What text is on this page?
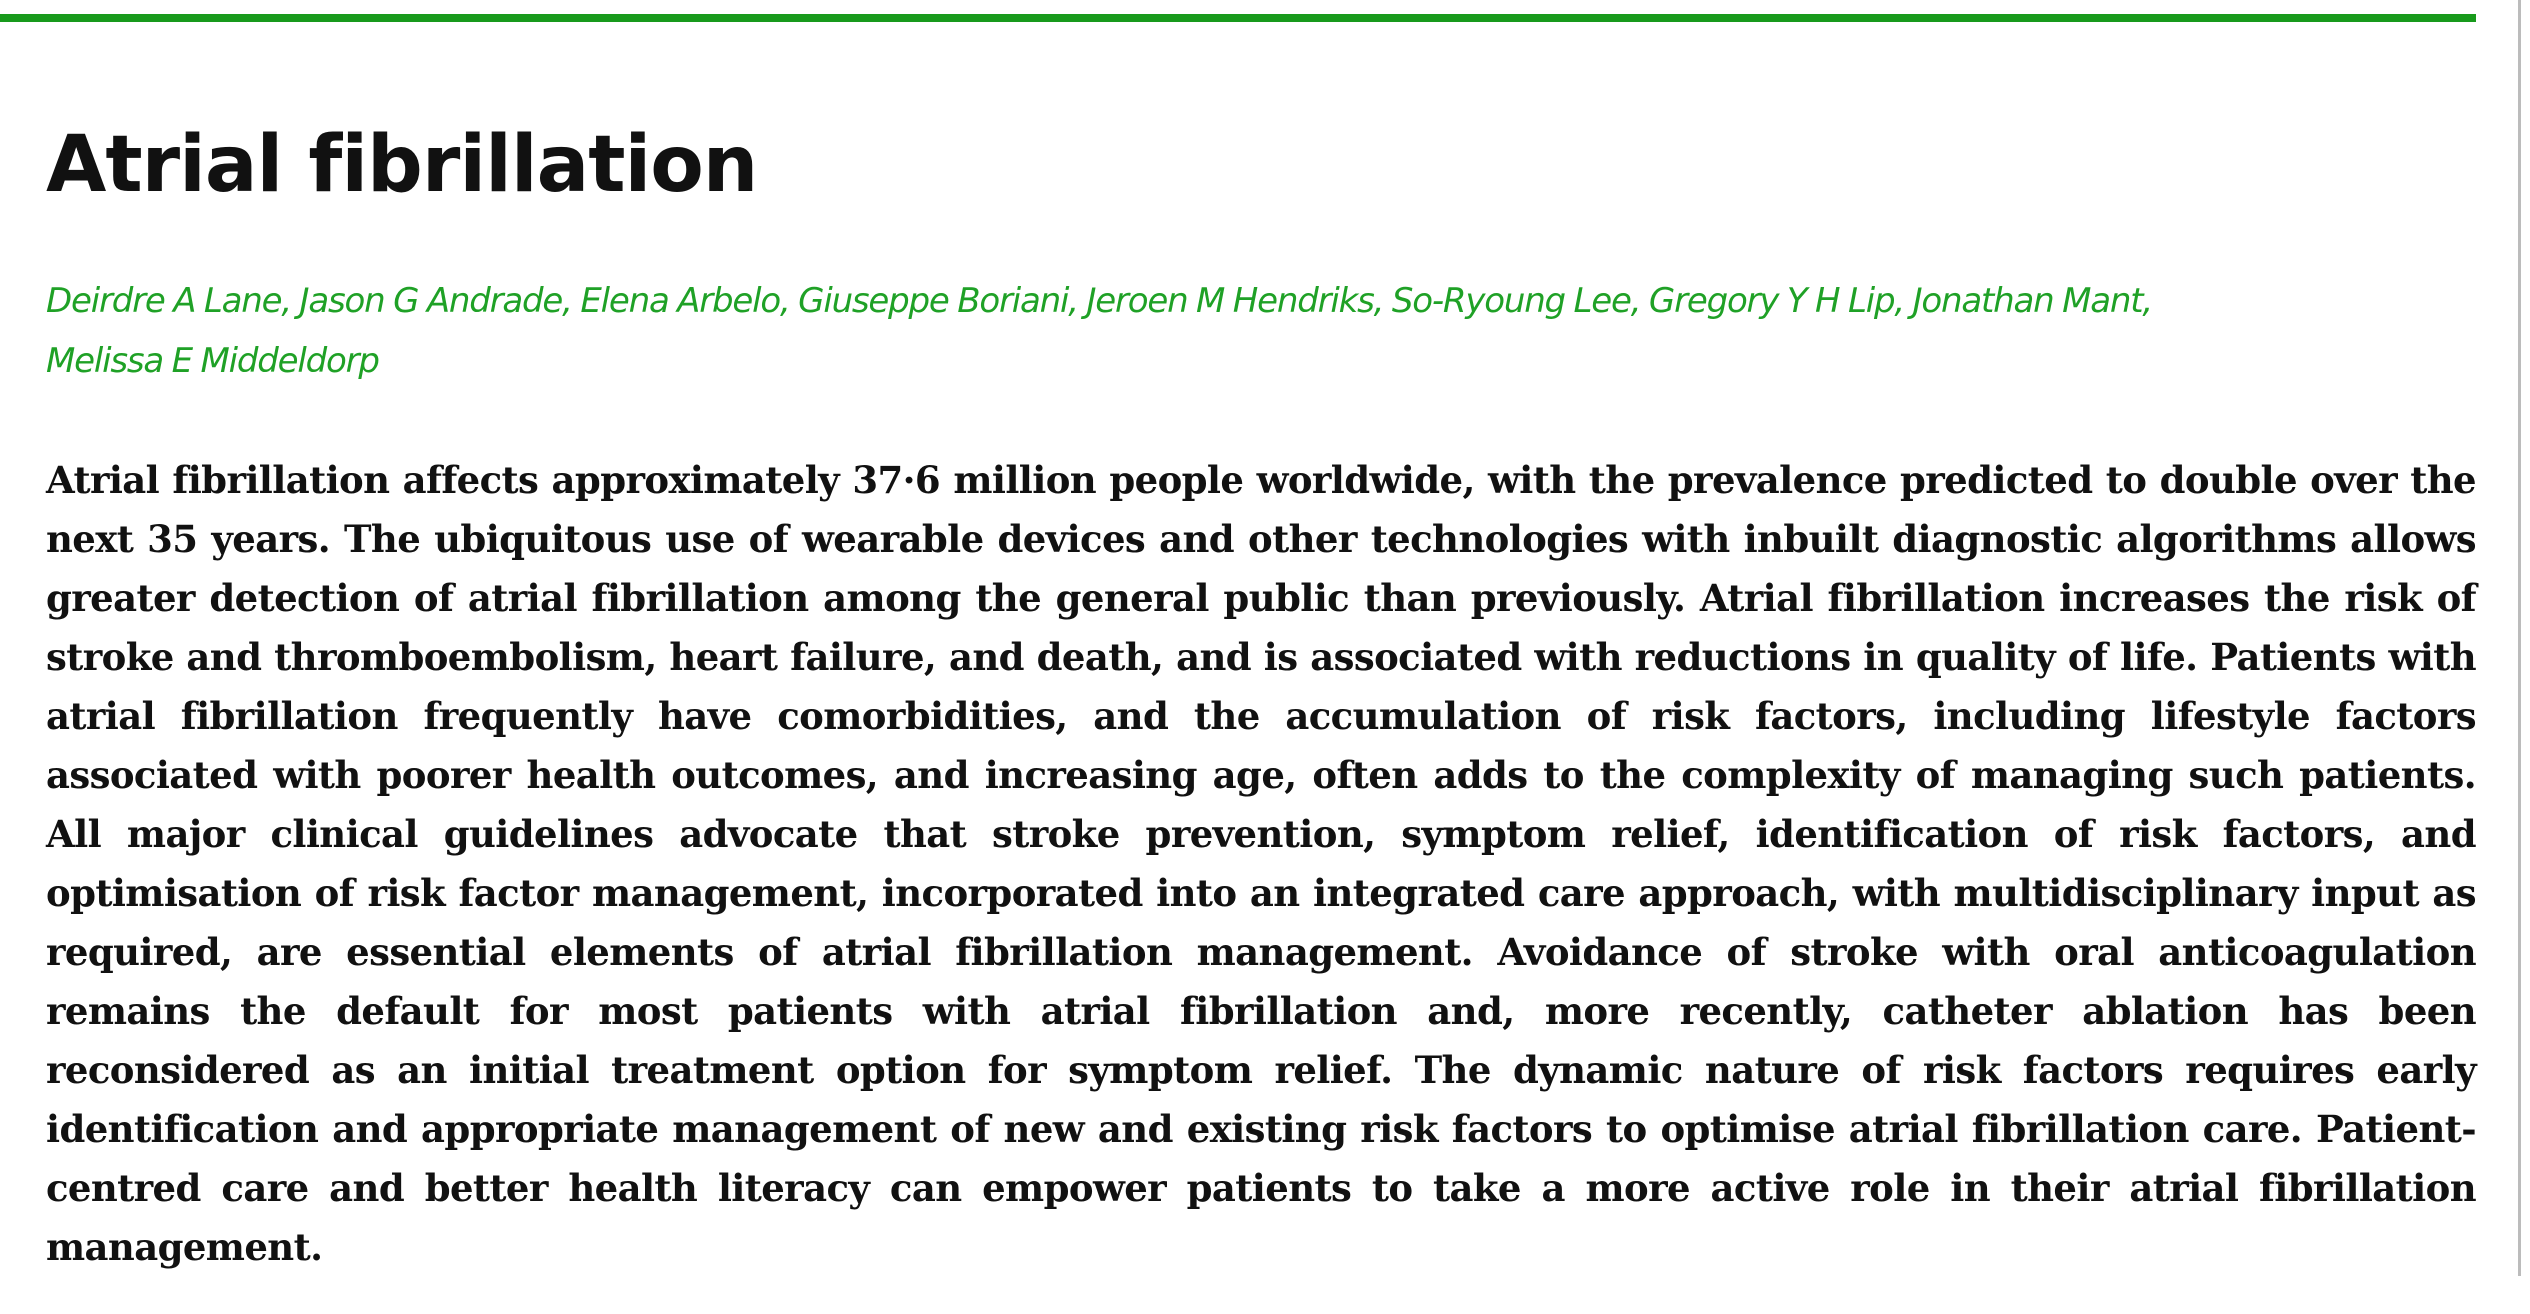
Atrial fibrillation
Deirdre A Lane, Jason G Andrade, Elena Arbelo, Giuseppe Boriani, Jeroen M Hendriks, So-Ryoung Lee, Gregory Y H Lip, Jonathan Mant,
Melissa E Middeldorp

Atrial fibrillation affects approximately 37·6 million people worldwide, with the prevalence predicted to double over the next 35 years. The ubiquitous use of wearable devices and other technologies with inbuilt diagnostic algorithms allows greater detection of atrial fibrillation among the general public than previously. Atrial fibrillation increases the risk of stroke and thromboembolism, heart failure, and death, and is associated with reductions in quality of life. Patients with atrial fibrillation frequently have comorbidities, and the accumulation of risk factors, including lifestyle factors associated with poorer health outcomes, and increasing age, often adds to the complexity of managing such patients. All major clinical guidelines advocate that stroke prevention, symptom relief, identification of risk factors, and optimisation of risk factor management, incorporated into an integrated care approach, with multidisciplinary input as required, are essential elements of atrial fibrillation management. Avoidance of stroke with oral anticoagulation remains the default for most patients with atrial fibrillation and, more recently, catheter ablation has been reconsidered as an initial treatment option for symptom relief. The dynamic nature of risk factors requires early identification and appropriate management of new and existing risk factors to optimise atrial fibrillation care. Patient-centred care and better health literacy can empower patients to take a more active role in their atrial fibrillation management.
